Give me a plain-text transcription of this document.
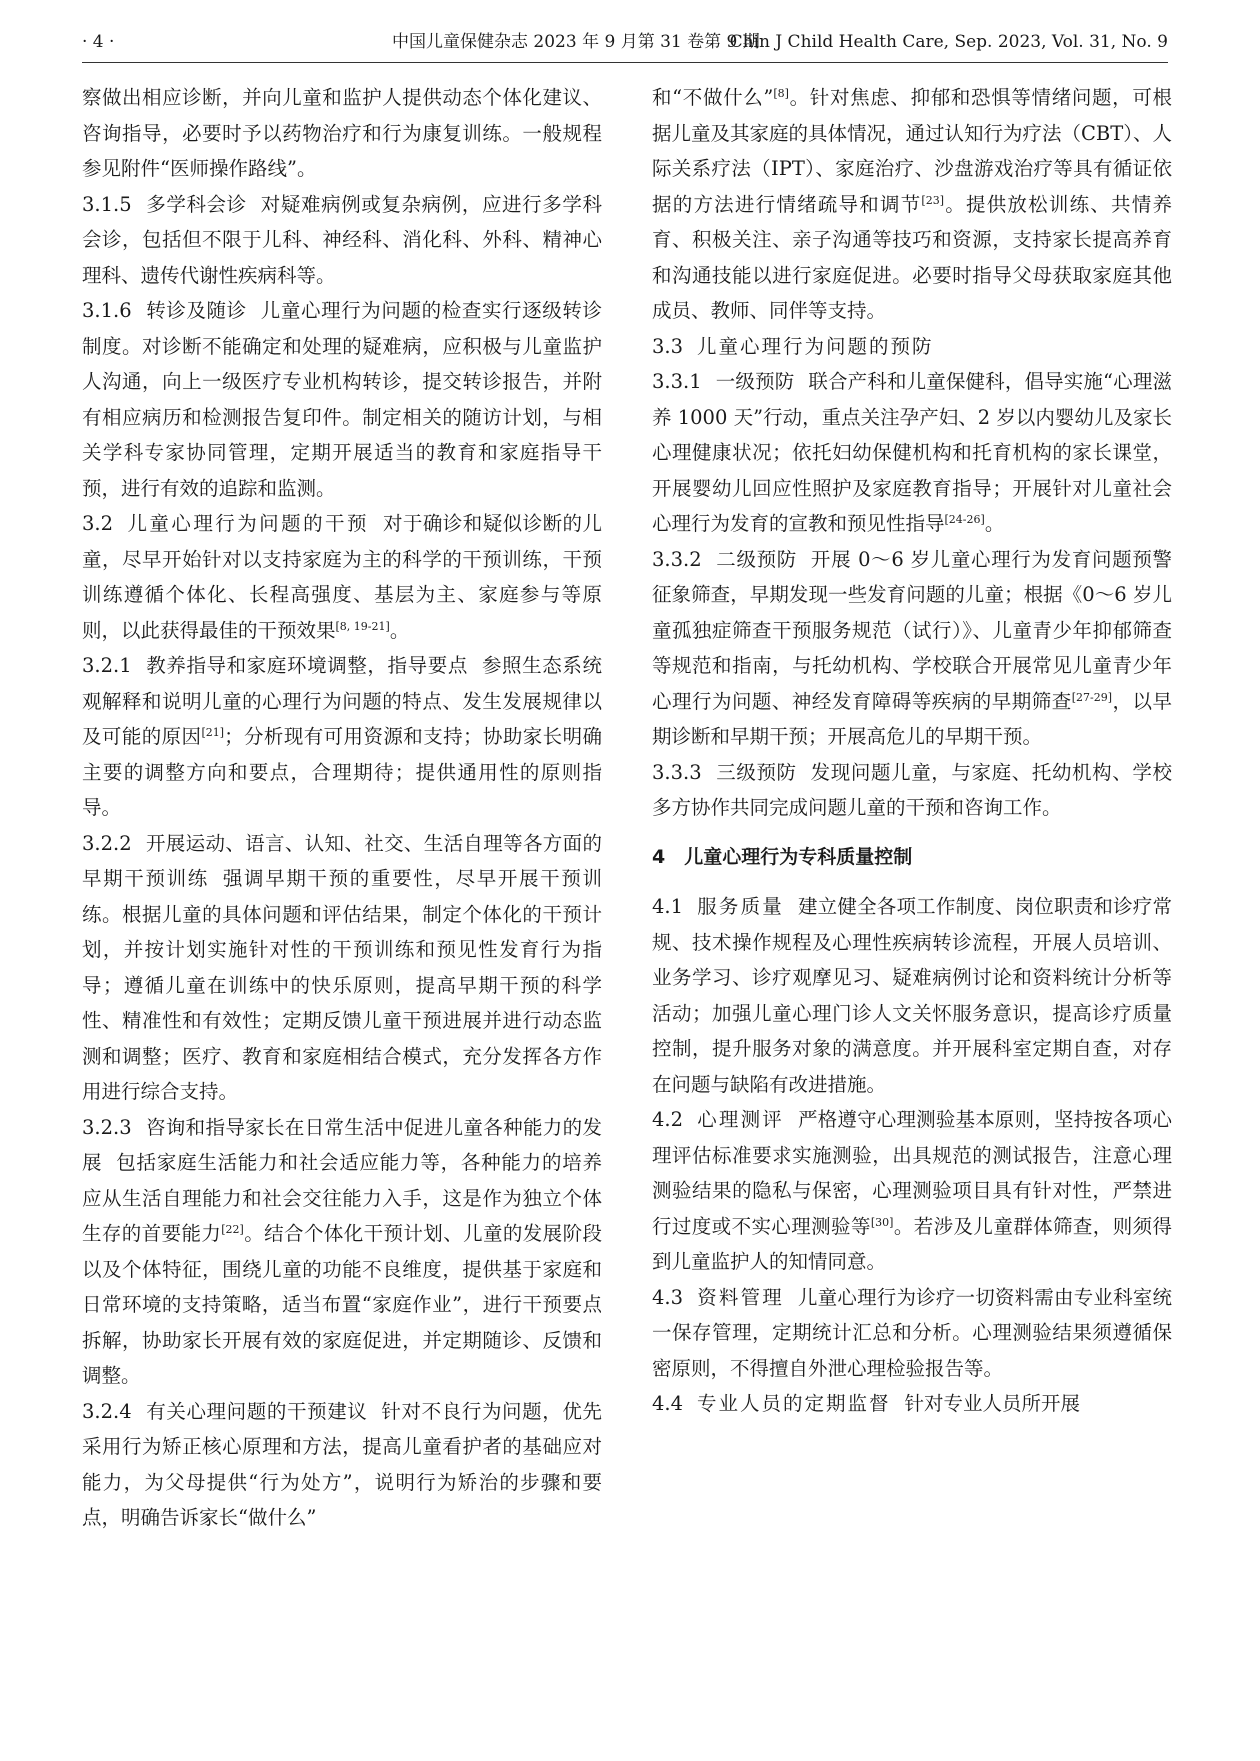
· 4 ·	中国儿童保健杂志 2023 年 9 月第 31 卷第 9 期
Chin J Child Health Care, Sep. 2023, Vol. 31, No. 9

察做出相应诊断，并向儿童和监护人提供动态个体化建议、咨询指导，必要时予以药物治疗和行为康复训练。一般规程参见附件“医师操作路线”。

3.1.5 多学科会诊 对疑难病例或复杂病例，应进行多学科会诊，包括但不限于儿科、神经科、消化科、外科、精神心理科、遗传代谢性疾病科等。

3.1.6 转诊及随诊 儿童心理行为问题的检查实行逐级转诊制度。对诊断不能确定和处理的疑难病，应积极与儿童监护人沟通，向上一级医疗专业机构转诊，提交转诊报告，并附有相应病历和检测报告复印件。制定相关的随访计划，与相关学科专家协同管理，定期开展适当的教育和家庭指导干预，进行有效的追踪和监测。

3.2 儿童心理行为问题的干预 对于确诊和疑似诊断的儿童，尽早开始针对以支持家庭为主的科学的干预训练，干预训练遵循个体化、长程高强度、基层为主、家庭参与等原则，以此获得最佳的干预效果[8, 19-21]。

3.2.1 教养指导和家庭环境调整，指导要点 参照生态系统观解释和说明儿童的心理行为问题的特点、发生发展规律以及可能的原因[21]；分析现有可用资源和支持；协助家长明确主要的调整方向和要点，合理期待；提供通用性的原则指导。

3.2.2 开展运动、语言、认知、社交、生活自理等各方面的早期干预训练 强调早期干预的重要性，尽早开展干预训练。根据儿童的具体问题和评估结果，制定个体化的干预计划，并按计划实施针对性的干预训练和预见性发育行为指导；遵循儿童在训练中的快乐原则，提高早期干预的科学性、精准性和有效性；定期反馈儿童干预进展并进行动态监测和调整；医疗、教育和家庭相结合模式，充分发挥各方作用进行综合支持。

3.2.3 咨询和指导家长在日常生活中促进儿童各种能力的发展 包括家庭生活能力和社会适应能力等，各种能力的培养应从生活自理能力和社会交往能力入手，这是作为独立个体生存的首要能力[22]。结合个体化干预计划、儿童的发展阶段以及个体特征，围绕儿童的功能不良维度，提供基于家庭和日常环境的支持策略，适当布置“家庭作业”，进行干预要点拆解，协助家长开展有效的家庭促进，并定期随诊、反馈和调整。

3.2.4 有关心理问题的干预建议 针对不良行为问题，优先采用行为矫正核心原理和方法，提高儿童看护者的基础应对能力，为父母提供“行为处方”，说明行为矫治的步骤和要点，明确告诉家长“做什么”

和“不做什么”[8]。针对焦虑、抑郁和恐惧等情绪问题，可根据儿童及其家庭的具体情况，通过认知行为疗法（CBT）、人际关系疗法（IPT）、家庭治疗、沙盘游戏治疗等具有循证依据的方法进行情绪疏导和调节[23]。提供放松训练、共情养育、积极关注、亲子沟通等技巧和资源，支持家长提高养育和沟通技能以进行家庭促进。必要时指导父母获取家庭其他成员、教师、同伴等支持。

3.3 儿童心理行为问题的预防

3.3.1 一级预防 联合产科和儿童保健科，倡导实施“心理滋养 1000 天”行动，重点关注孕产妇、2 岁以内婴幼儿及家长心理健康状况；依托妇幼保健机构和托育机构的家长课堂，开展婴幼儿回应性照护及家庭教育指导；开展针对儿童社会心理行为发育的宣教和预见性指导[24-26]。

3.3.2 二级预防 开展 0～6 岁儿童心理行为发育问题预警征象筛查，早期发现一些发育问题的儿童；根据《0～6 岁儿童孤独症筛查干预服务规范（试行）》、儿童青少年抑郁筛查等规范和指南，与托幼机构、学校联合开展常见儿童青少年心理行为问题、神经发育障碍等疾病的早期筛查[27-29]，以早期诊断和早期干预；开展高危儿的早期干预。

3.3.3 三级预防 发现问题儿童，与家庭、托幼机构、学校多方协作共同完成问题儿童的干预和咨询工作。

4　儿童心理行为专科质量控制

4.1 服务质量 建立健全各项工作制度、岗位职责和诊疗常规、技术操作规程及心理性疾病转诊流程，开展人员培训、业务学习、诊疗观摩见习、疑难病例讨论和资料统计分析等活动；加强儿童心理门诊人文关怀服务意识，提高诊疗质量控制，提升服务对象的满意度。并开展科室定期自查，对存在问题与缺陷有改进措施。

4.2 心理测评 严格遵守心理测验基本原则，坚持按各项心理评估标准要求实施测验，出具规范的测试报告，注意心理测验结果的隐私与保密，心理测验项目具有针对性，严禁进行过度或不实心理测验等[30]。若涉及儿童群体筛查，则须得到儿童监护人的知情同意。

4.3 资料管理 儿童心理行为诊疗一切资料需由专业科室统一保存管理，定期统计汇总和分析。心理测验结果须遵循保密原则，不得擅自外泄心理检验报告等。

4.4 专业人员的定期监督 针对专业人员所开展
